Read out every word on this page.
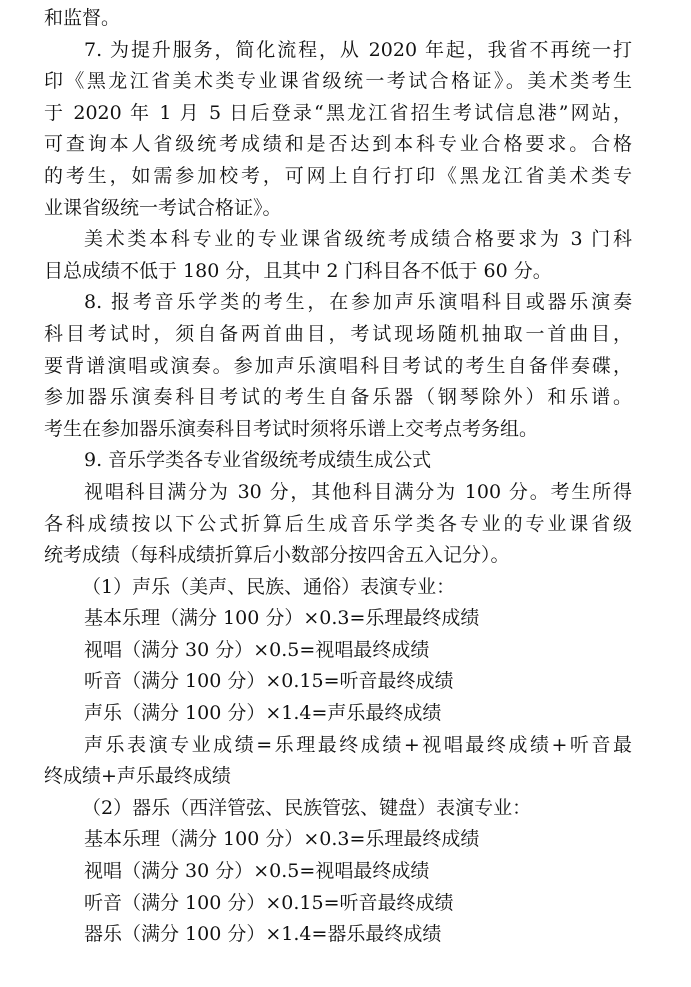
和监督。
7. 为提升服务，简化流程，从 2020 年起，我省不再统一打
印《黑龙江省美术类专业课省级统一考试合格证》。美术类考生
于 2020 年 1 月 5 日后登录“黑龙江省招生考试信息港”网站，
可查询本人省级统考成绩和是否达到本科专业合格要求。合格
的考生，如需参加校考，可网上自行打印《黑龙江省美术类专
业课省级统一考试合格证》。
美术类本科专业的专业课省级统考成绩合格要求为 3 门科
目总成绩不低于 180 分，且其中 2 门科目各不低于 60 分。
8. 报考音乐学类的考生，在参加声乐演唱科目或器乐演奏
科目考试时，须自备两首曲目，考试现场随机抽取一首曲目，
要背谱演唱或演奏。参加声乐演唱科目考试的考生自备伴奏碟，
参加器乐演奏科目考试的考生自备乐器（钢琴除外）和乐谱。
考生在参加器乐演奏科目考试时须将乐谱上交考点考务组。
9. 音乐学类各专业省级统考成绩生成公式
视唱科目满分为 30 分，其他科目满分为 100 分。考生所得
各科成绩按以下公式折算后生成音乐学类各专业的专业课省级
统考成绩（每科成绩折算后小数部分按四舍五入记分）。
（1）声乐（美声、民族、通俗）表演专业：
基本乐理（满分 100 分）×0.3=乐理最终成绩
视唱（满分 30 分）×0.5=视唱最终成绩
听音（满分 100 分）×0.15=听音最终成绩
声乐（满分 100 分）×1.4=声乐最终成绩
声乐表演专业成绩=乐理最终成绩+视唱最终成绩+听音最
终成绩+声乐最终成绩
（2）器乐（西洋管弦、民族管弦、键盘）表演专业：
基本乐理（满分 100 分）×0.3=乐理最终成绩
视唱（满分 30 分）×0.5=视唱最终成绩
听音（满分 100 分）×0.15=听音最终成绩
器乐（满分 100 分）×1.4=器乐最终成绩
